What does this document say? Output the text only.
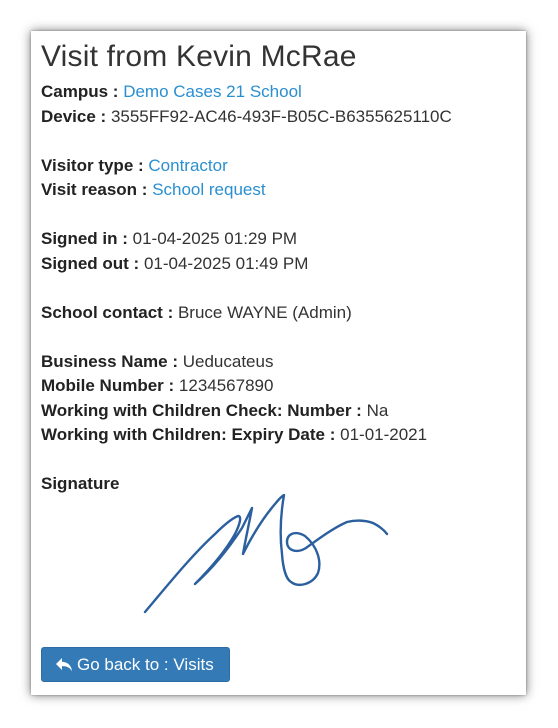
Visit from Kevin McRae
Campus : Demo Cases 21 School
Device : 3555FF92-AC46-493F-B05C-B6355625110C
Visitor type : Contractor
Visit reason : School request
Signed in : 01-04-2025 01:29 PM
Signed out : 01-04-2025 01:49 PM
School contact : Bruce WAYNE (Admin)
Business Name : Ueducateus
Mobile Number : 1234567890
Working with Children Check: Number : Na
Working with Children: Expiry Date : 01-01-2021
Signature
Go back to : Visits
